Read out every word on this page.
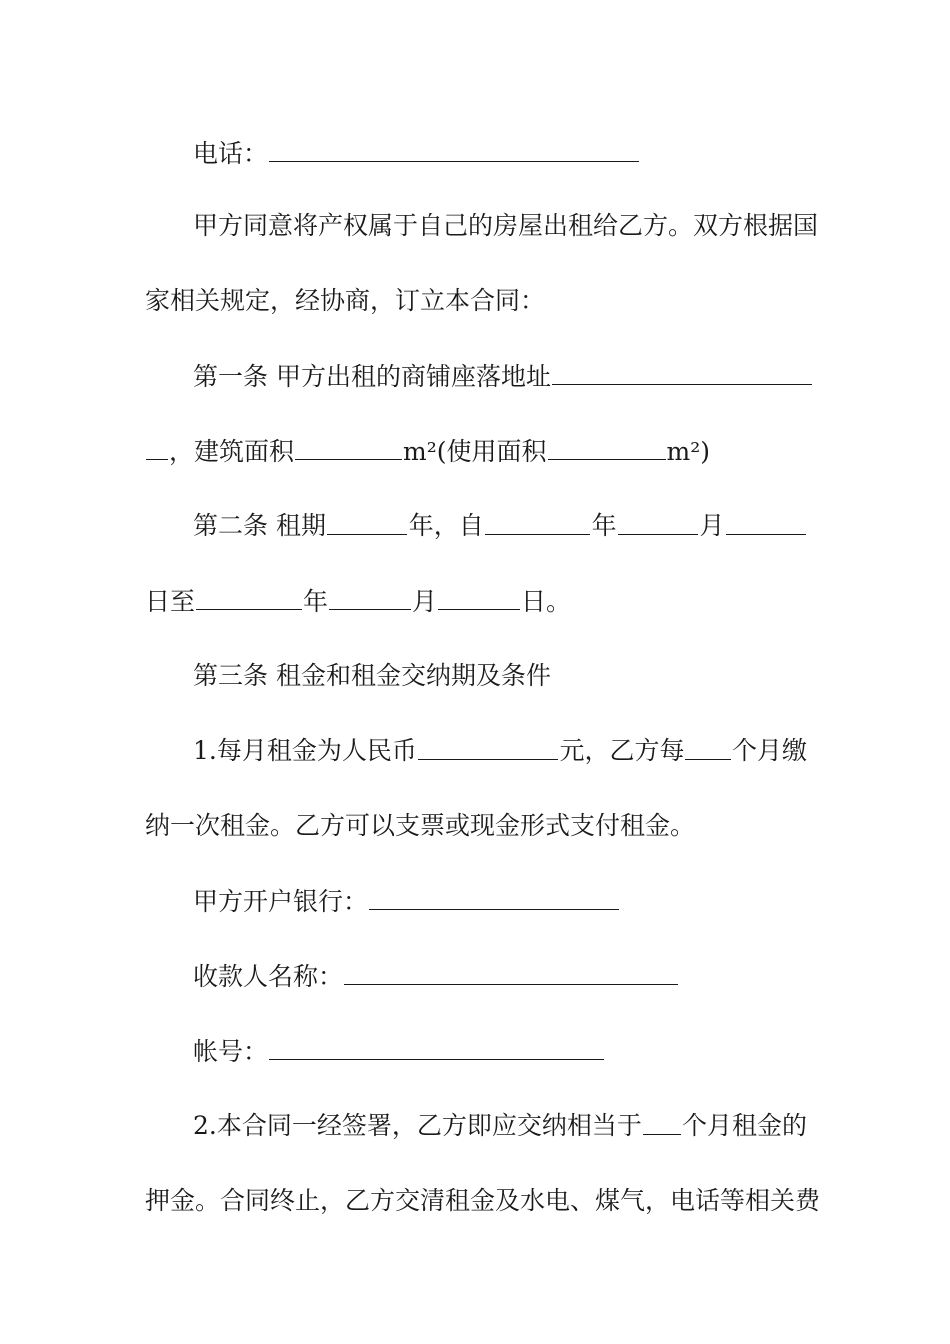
电话：
甲方同意将产权属于自己的房屋出租给乙方。双方根据国
家相关规定，经协商，订立本合同：
第一条 甲方出租的商铺座落地址
，建筑面积	m²(使用面积	m²)
第二条 租期	年，自	年	月
日至	年	月	日。
第三条 租金和租金交纳期及条件
1.每月租金为人民币	元，乙方每 个月缴
纳一次租金。乙方可以支票或现金形式支付租金。
甲方开户银行：
收款人名称：
帐号：
2.本合同一经签署，乙方即应交纳相当于 个月租金的
押金。合同终止，乙方交清租金及水电、煤气，电话等相关费
